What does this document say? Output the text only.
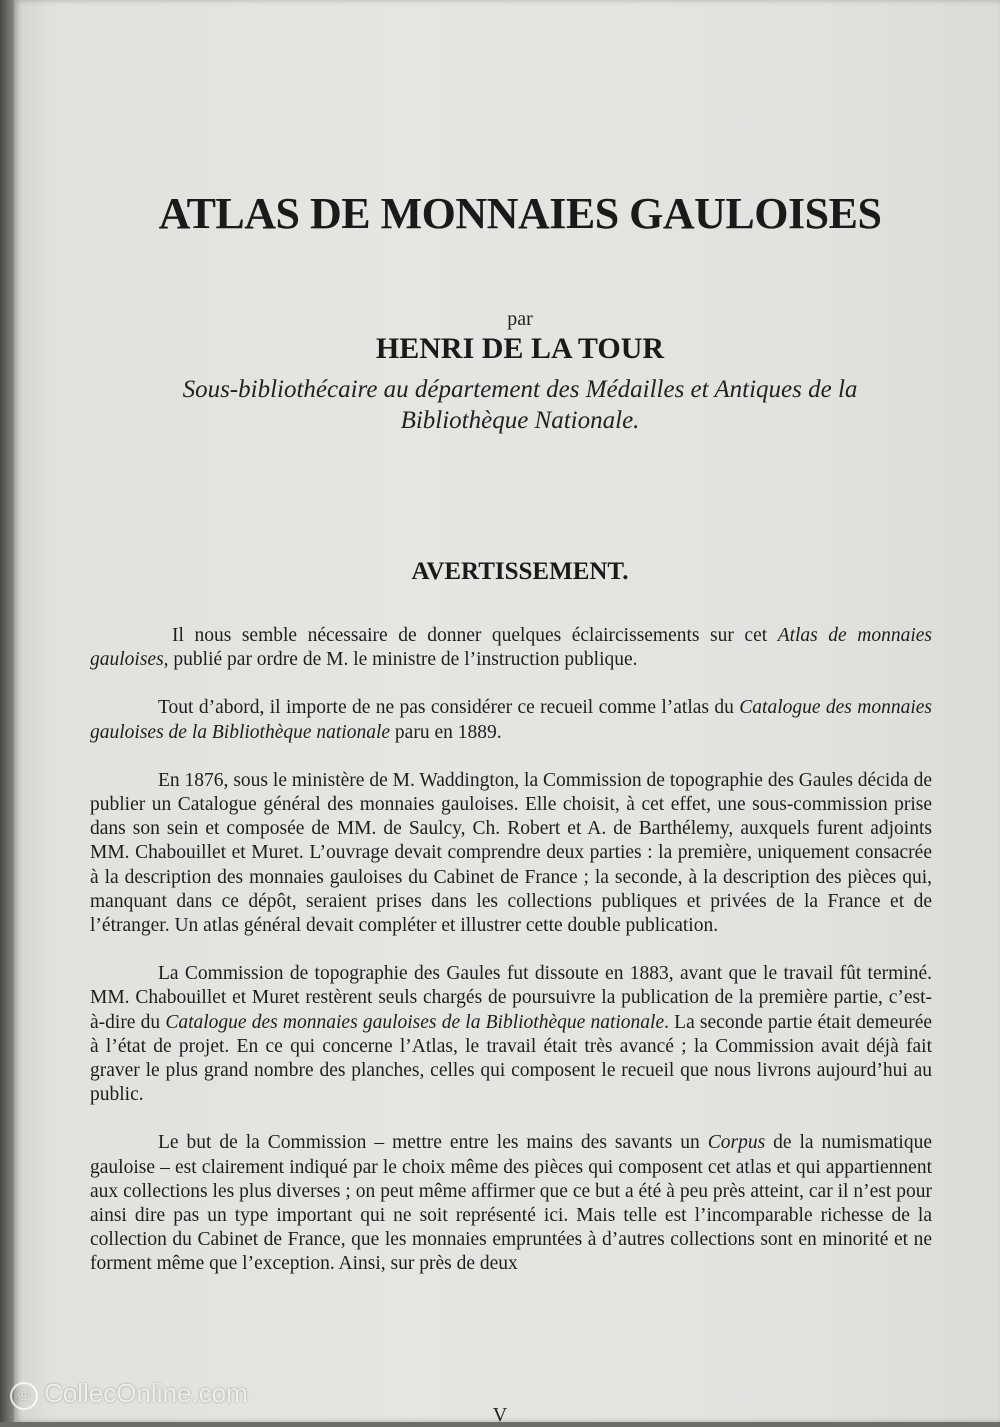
ATLAS DE MONNAIES GAULOISES
par
HENRI DE LA TOUR
Sous-bibliothécaire au département des Médailles et Antiques de la
Bibliothèque Nationale.
AVERTISSEMENT.

Il nous semble nécessaire de donner quelques éclaircissements sur cet Atlas de monnaies gauloises, publié par ordre de M. le ministre de l’instruction publique.

Tout d’abord, il importe de ne pas considérer ce recueil comme l’atlas du Catalogue des monnaies gauloises de la Bibliothèque nationale paru en 1889.

En 1876, sous le ministère de M. Waddington, la Commission de topographie des Gaules décida de publier un Catalogue général des monnaies gauloises. Elle choisit, à cet effet, une sous-commission prise dans son sein et composée de MM. de Saulcy, Ch. Robert et A. de Barthélemy, auxquels furent adjoints MM. Chabouillet et Muret. L’ouvrage devait comprendre deux parties : la première, uniquement consacrée à la description des monnaies gauloises du Cabinet de France ; la seconde, à la description des pièces qui, manquant dans ce dépôt, seraient prises dans les collections publiques et privées de la France et de l’étranger. Un atlas général devait compléter et illustrer cette double publication.

La Commission de topographie des Gaules fut dissoute en 1883, avant que le travail fût terminé. MM. Chabouillet et Muret restèrent seuls chargés de poursuivre la publication de la première partie, c’est-à-dire du Catalogue des monnaies gauloises de la Bibliothèque nationale. La seconde partie était demeurée à l’état de projet. En ce qui concerne l’Atlas, le travail était très avancé ; la Commission avait déjà fait graver le plus grand nombre des planches, celles qui composent le recueil que nous livrons aujourd’hui au public.

Le but de la Commission – mettre entre les mains des savants un Corpus de la numismatique gauloise – est clairement indiqué par le choix même des pièces qui composent cet atlas et qui appartiennent aux collections les plus diverses ; on peut même affirmer que ce but a été à peu près atteint, car il n’est pour ainsi dire pas un type important qui ne soit représenté ici. Mais telle est l’incomparable richesse de la collection du Cabinet de France, que les monnaies empruntées à d’autres collections sont en minorité et ne forment même que l’exception. Ainsi, sur près de deux

V
© CollecOnline.com
